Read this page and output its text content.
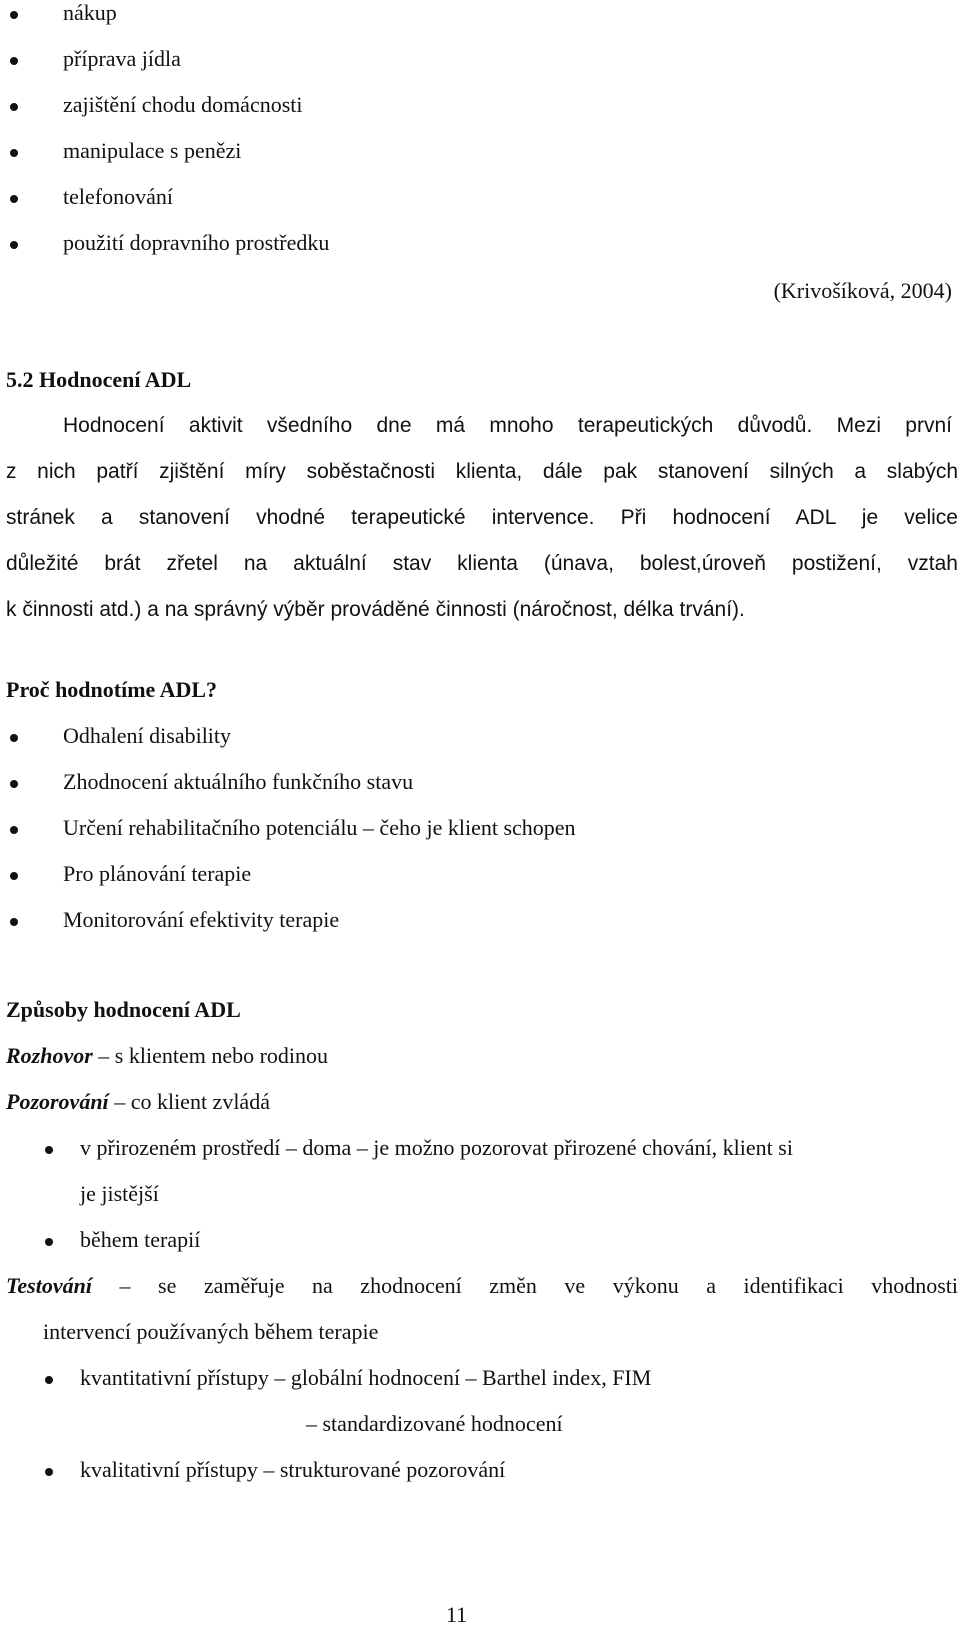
nákup
příprava jídla
zajištění chodu domácnosti
manipulace s penězi
telefonování
použití dopravního prostředku
(Krivošíková, 2004)
5.2 Hodnocení ADL
Hodnocení aktivit všedního dne má mnoho terapeutických důvodů. Mezi první
z nich patří zjištění míry soběstačnosti klienta, dále pak stanovení silných a slabých
stránek a stanovení vhodné terapeutické intervence. Při hodnocení ADL je velice
důležité brát zřetel na aktuální stav klienta (únava, bolest,úroveň postižení, vztah
k činnosti atd.) a na správný výběr prováděné činnosti (náročnost, délka trvání).
Proč hodnotíme ADL?
Odhalení disability
Zhodnocení aktuálního funkčního stavu
Určení rehabilitačního potenciálu – čeho je klient schopen
Pro plánování terapie
Monitorování efektivity terapie
Způsoby hodnocení ADL
Rozhovor – s klientem nebo rodinou
Pozorování – co klient zvládá
v přirozeném prostředí – doma – je možno pozorovat přirozené chování, klient si
je jistější
během terapií
Testování – se zaměřuje na zhodnocení změn ve výkonu a identifikaci vhodnosti
intervencí používaných během terapie
kvantitativní přístupy – globální hodnocení – Barthel index, FIM
– standardizované hodnocení
kvalitativní přístupy – strukturované pozorování
11
